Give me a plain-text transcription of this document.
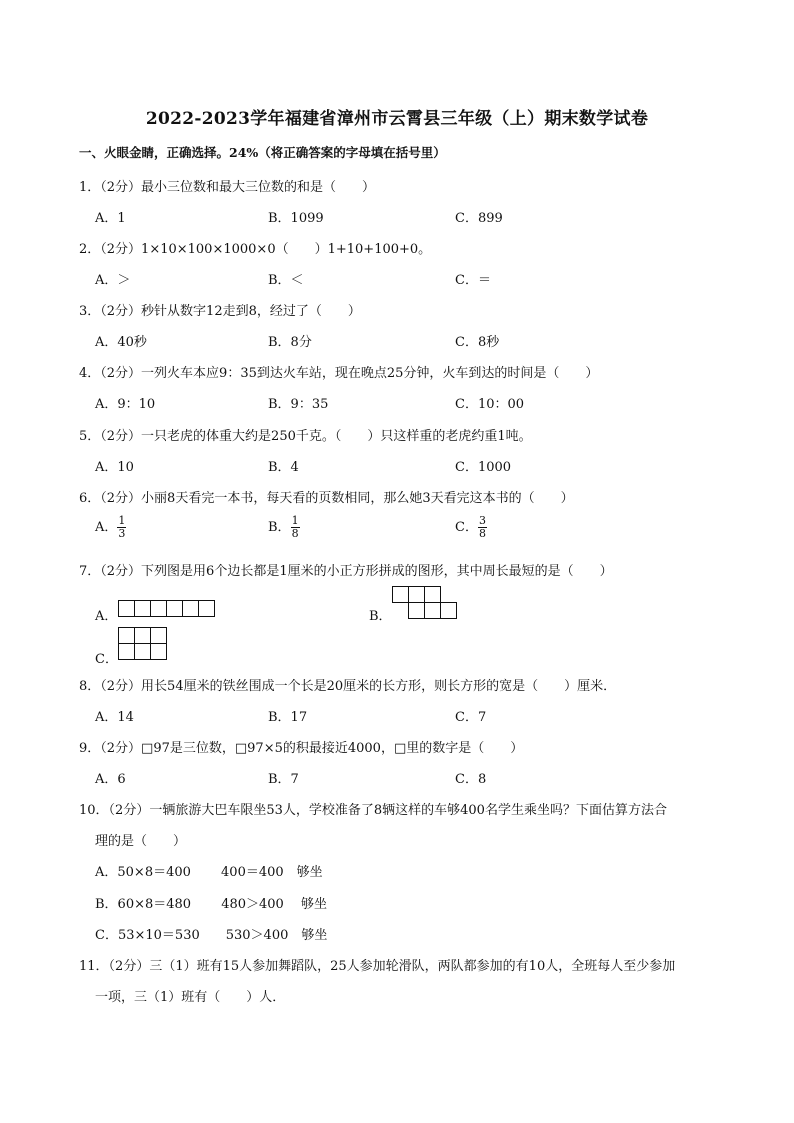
2022-2023学年福建省漳州市云霄县三年级（上）期末数学试卷
一、火眼金睛，正确选择。24%（将正确答案的字母填在括号里）
1．（2分）最小三位数和最大三位数的和是（　　）
A．1	B．1099	C．899
2．（2分）1×10×100×1000×0（　　）1+10+100+0。
A．＞	B．＜	C．＝
3．（2分）秒针从数字12走到8，经过了（　　）
A．40秒	B．8分	C．8秒
4．（2分）一列火车本应9：35到达火车站，现在晚点25分钟，火车到达的时间是（　　）
A．9：10	B．9：35	C．10：00
5．（2分）一只老虎的体重大约是250千克。（　　）只这样重的老虎约重1吨。
A．10	B．4	C．1000
6．（2分）小丽8天看完一本书，每天看的页数相同，那么她3天看完这本书的（　　）
A． $\frac{1}{3}$	B． $\frac{1}{8}$	C． $\frac{3}{8}$
7．（2分）下列图是用6个边长都是1厘米的小正方形拼成的图形，其中周长最短的是（　　）
A．	B．
C．
8．（2分）用长54厘米的铁丝围成一个长是20厘米的长方形，则长方形的宽是（　　）厘米．
A．14	B．17	C．7
9．（2分）□97是三位数，□97×5的积最接近4000，□里的数字是（　　）
A．6	B．7	C．8
10．（2分）一辆旅游大巴车限坐53人，学校准备了8辆这样的车够400名学生乘坐吗？下面估算方法合
理的是（　　）
A．50×8＝400　　 400＝400　够坐
B．60×8＝480　　 480＞400　 够坐
C．53×10＝530　　530＞400　够坐
11．（2分）三（1）班有15人参加舞蹈队，25人参加轮滑队，两队都参加的有10人，全班每人至少参加
一项，三（1）班有（　　）人．
